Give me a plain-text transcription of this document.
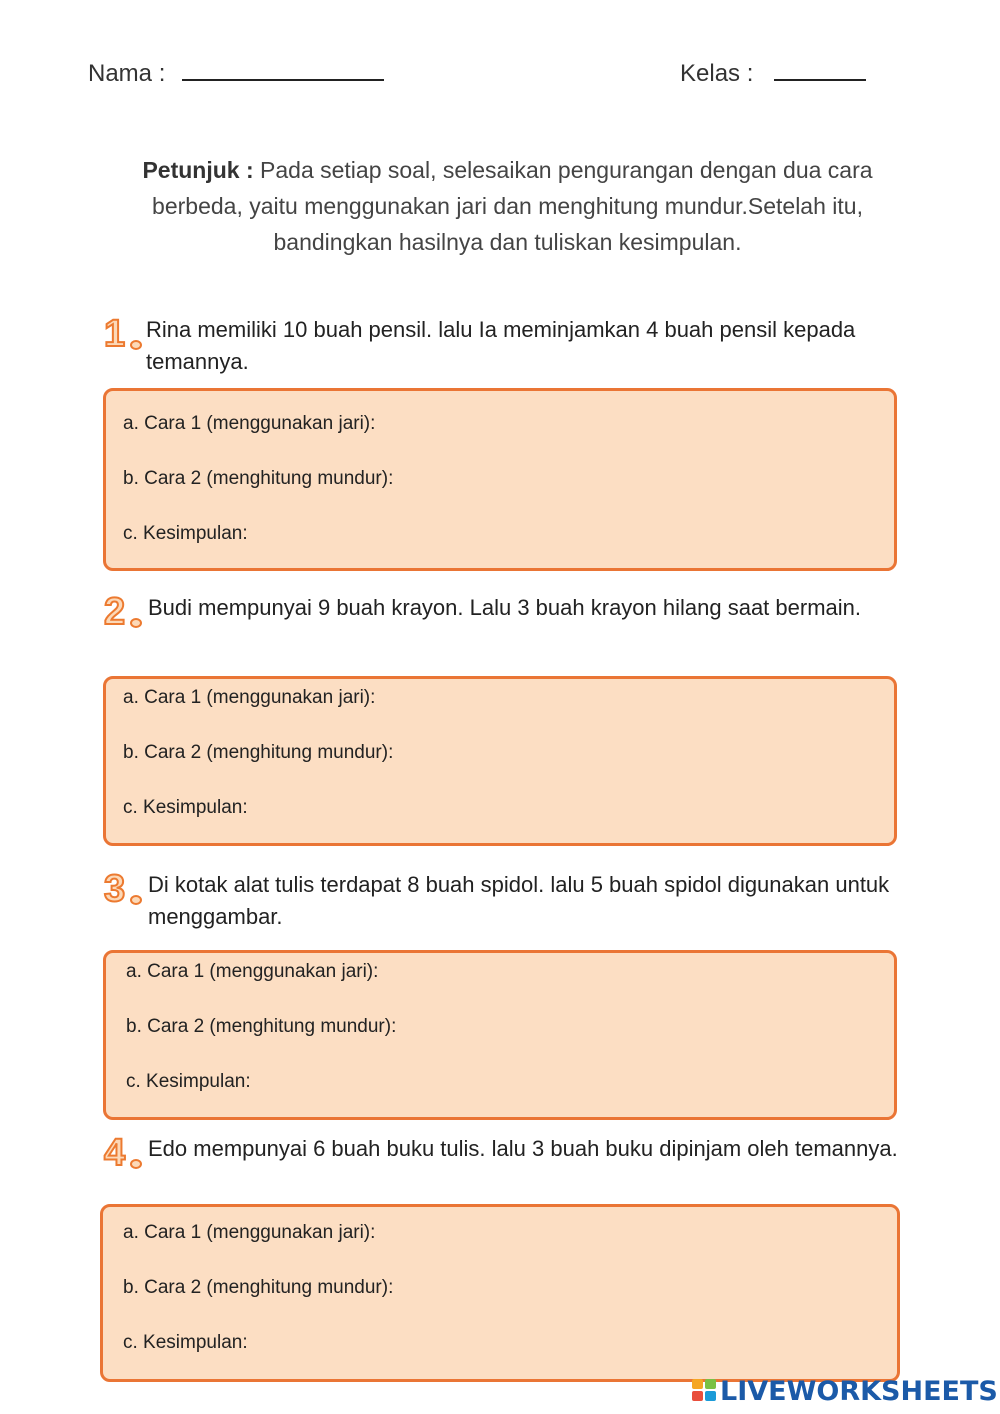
Nama :	Kelas :
Petunjuk : Pada setiap soal, selesaikan pengurangan dengan dua cara berbeda, yaitu menggunakan jari dan menghitung mundur.Setelah itu, bandingkan hasilnya dan tuliskan kesimpulan.
1 Rina memiliki 10 buah pensil. lalu Ia meminjamkan 4 buah pensil kepada temannya.
a. Cara 1 (menggunakan jari):
b. Cara 2 (menghitung mundur):
c. Kesimpulan:
2	Budi mempunyai 9 buah krayon. Lalu 3 buah krayon hilang saat bermain.
a. Cara 1 (menggunakan jari):
b. Cara 2 (menghitung mundur):
c. Kesimpulan:
3	Di kotak alat tulis terdapat 8 buah spidol. lalu 5 buah spidol digunakan untuk menggambar.
a. Cara 1 (menggunakan jari):
b. Cara 2 (menghitung mundur):
c. Kesimpulan:
4	Edo mempunyai 6 buah buku tulis. lalu 3 buah buku dipinjam oleh temannya.
a. Cara 1 (menggunakan jari):
b. Cara 2 (menghitung mundur):
c. Kesimpulan:
LIVEWORKSHEETS
